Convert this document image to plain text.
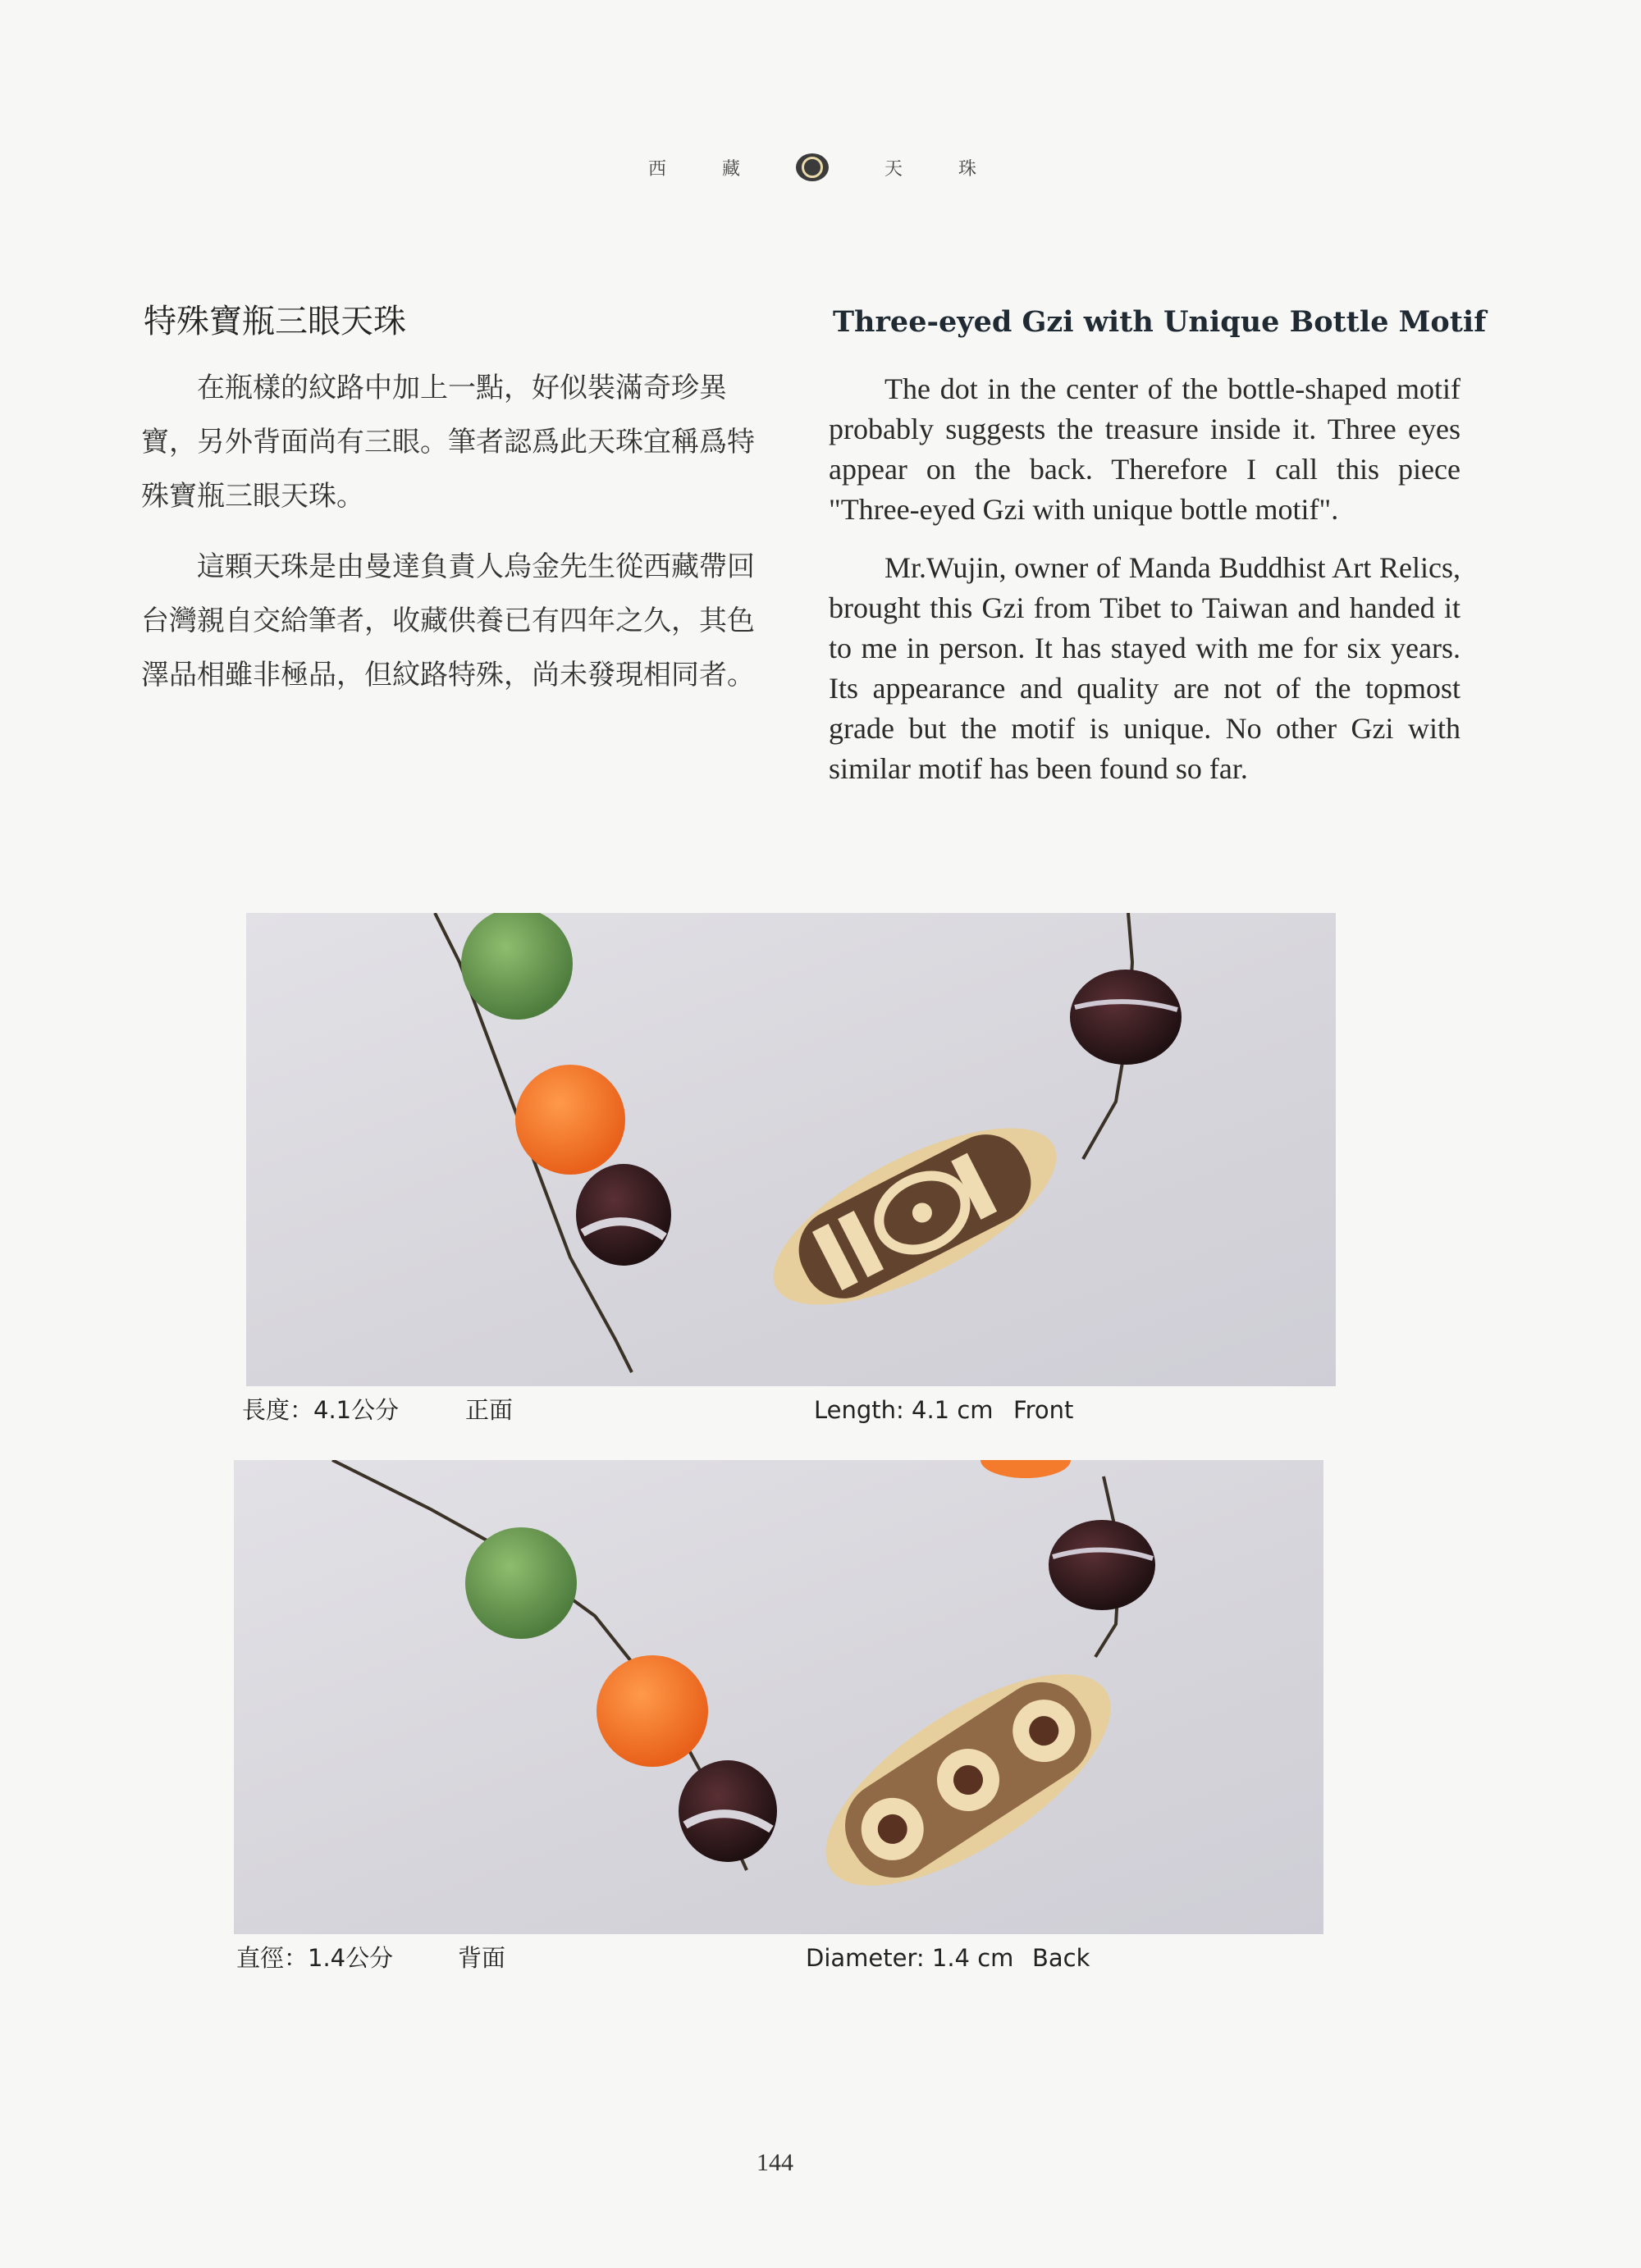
西	藏	天	珠
特殊寶瓶三眼天珠

在瓶樣的紋路中加上一點，好似裝滿奇珍異寶，另外背面尚有三眼。筆者認爲此天珠宜稱爲特殊寶瓶三眼天珠。

這顆天珠是由曼達負責人烏金先生從西藏帶回台灣親自交給筆者，收藏供養已有四年之久，其色澤品相雖非極品，但紋路特殊，尚未發現相同者。

Three-eyed Gzi with Unique Bottle Motif

The dot in the center of the bottle-shaped motif probably suggests the treasure inside it. Three eyes appear on the back. Therefore I call this piece "Three-eyed Gzi with unique bottle motif".

Mr.Wujin, owner of Manda Buddhist Art Relics, brought this Gzi from Tibet to Taiwan and handed it to me in person. It has stayed with me for six years. Its appearance and quality are not of the topmost grade but the motif is unique. No other Gzi with similar motif has been found so far.

長度：4.1公分	正面	Length: 4.1 cm Front
直徑：1.4公分	背面	Diameter: 1.4 cm Back
144
